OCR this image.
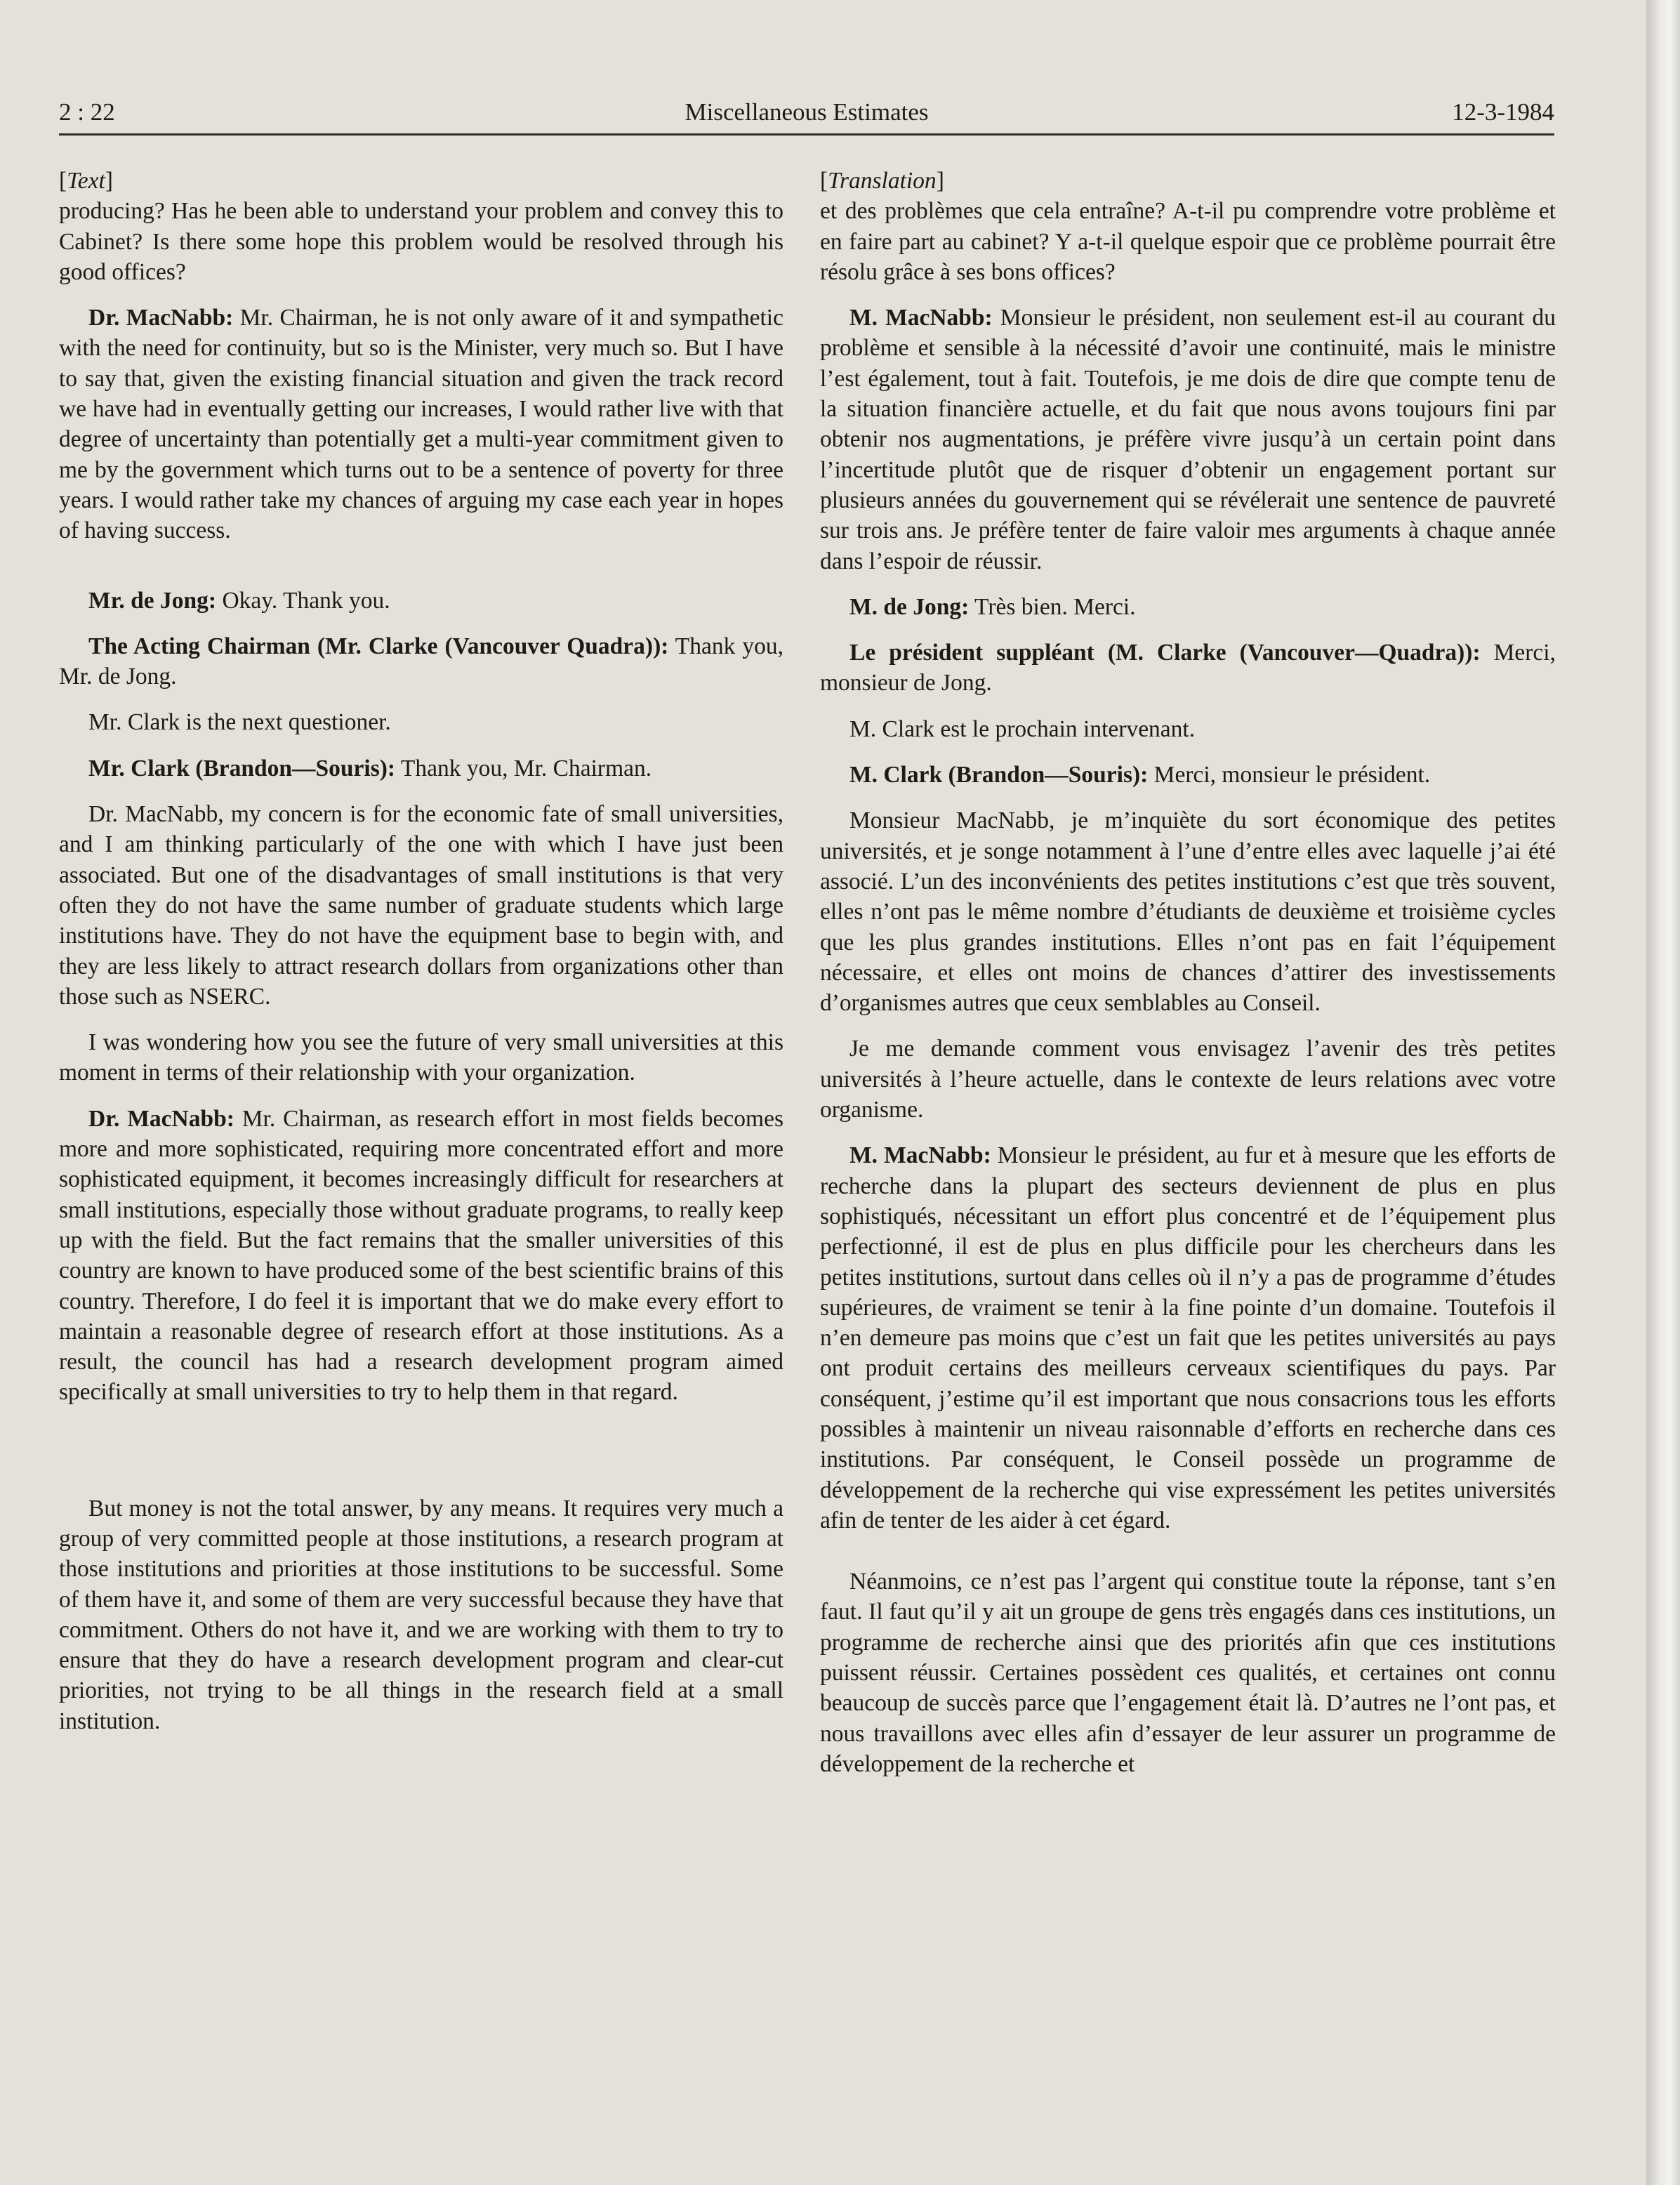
Miscellaneous Estimates
2 : 22	12-3-1984
[Text]

producing? Has he been able to understand your problem and convey this to Cabinet? Is there some hope this problem would be resolved through his good offices?

Dr. MacNabb: Mr. Chairman, he is not only aware of it and sympathetic with the need for continuity, but so is the Minister, very much so. But I have to say that, given the existing financial situation and given the track record we have had in eventually getting our increases, I would rather live with that degree of uncertainty than potentially get a multi-year commitment given to me by the government which turns out to be a sentence of poverty for three years. I would rather take my chances of arguing my case each year in hopes of having success.

Mr. de Jong: Okay. Thank you.

The Acting Chairman (Mr. Clarke (Vancouver Quadra)): Thank you, Mr. de Jong.

Mr. Clark is the next questioner.

Mr. Clark (Brandon—Souris): Thank you, Mr. Chairman.

Dr. MacNabb, my concern is for the economic fate of small universities, and I am thinking particularly of the one with which I have just been associated. But one of the disadvantages of small institutions is that very often they do not have the same number of graduate students which large institutions have. They do not have the equipment base to begin with, and they are less likely to attract research dollars from organizations other than those such as NSERC.

I was wondering how you see the future of very small universities at this moment in terms of their relationship with your organization.

Dr. MacNabb: Mr. Chairman, as research effort in most fields becomes more and more sophisticated, requiring more concentrated effort and more sophisticated equipment, it becomes increasingly difficult for researchers at small institutions, especially those without graduate programs, to really keep up with the field. But the fact remains that the smaller universities of this country are known to have produced some of the best scientific brains of this country. Therefore, I do feel it is important that we do make every effort to maintain a reasonable degree of research effort at those institutions. As a result, the council has had a research development program aimed specifically at small universities to try to help them in that regard.

But money is not the total answer, by any means. It requires very much a group of very committed people at those institutions, a research program at those institutions and priorities at those institutions to be successful. Some of them have it, and some of them are very successful because they have that commitment. Others do not have it, and we are working with them to try to ensure that they do have a research development program and clear-cut priorities, not trying to be all things in the research field at a small institution.

[Translation]

et des problèmes que cela entraîne? A-t-il pu comprendre votre problème et en faire part au cabinet? Y a-t-il quelque espoir que ce problème pourrait être résolu grâce à ses bons offices?

M. MacNabb: Monsieur le président, non seulement est-il au courant du problème et sensible à la nécessité d’avoir une continuité, mais le ministre l’est également, tout à fait. Toutefois, je me dois de dire que compte tenu de la situation financière actuelle, et du fait que nous avons toujours fini par obtenir nos augmentations, je préfère vivre jusqu’à un certain point dans l’incertitude plutôt que de risquer d’obtenir un engagement portant sur plusieurs années du gouvernement qui se révélerait une sentence de pauvreté sur trois ans. Je préfère tenter de faire valoir mes arguments à chaque année dans l’espoir de réussir.

M. de Jong: Très bien. Merci.

Le président suppléant (M. Clarke (Vancouver—Quadra)): Merci, monsieur de Jong.

M. Clark est le prochain intervenant.

M. Clark (Brandon—Souris): Merci, monsieur le président.

Monsieur MacNabb, je m’inquiète du sort économique des petites universités, et je songe notamment à l’une d’entre elles avec laquelle j’ai été associé. L’un des inconvénients des petites institutions c’est que très souvent, elles n’ont pas le même nombre d’étudiants de deuxième et troisième cycles que les plus grandes institutions. Elles n’ont pas en fait l’équipement nécessaire, et elles ont moins de chances d’attirer des investissements d’organismes autres que ceux semblables au Conseil.

Je me demande comment vous envisagez l’avenir des très petites universités à l’heure actuelle, dans le contexte de leurs relations avec votre organisme.

M. MacNabb: Monsieur le président, au fur et à mesure que les efforts de recherche dans la plupart des secteurs deviennent de plus en plus sophistiqués, nécessitant un effort plus concentré et de l’équipement plus perfectionné, il est de plus en plus difficile pour les chercheurs dans les petites institutions, surtout dans celles où il n’y a pas de programme d’études supérieures, de vraiment se tenir à la fine pointe d’un domaine. Toutefois il n’en demeure pas moins que c’est un fait que les petites universités au pays ont produit certains des meilleurs cerveaux scientifiques du pays. Par conséquent, j’estime qu’il est important que nous consacrions tous les efforts possibles à maintenir un niveau raisonnable d’efforts en recherche dans ces institutions. Par conséquent, le Conseil possède un programme de développement de la recherche qui vise expressément les petites universités afin de tenter de les aider à cet égard.

Néanmoins, ce n’est pas l’argent qui constitue toute la réponse, tant s’en faut. Il faut qu’il y ait un groupe de gens très engagés dans ces institutions, un programme de recherche ainsi que des priorités afin que ces institutions puissent réussir. Certaines possèdent ces qualités, et certaines ont connu beaucoup de succès parce que l’engagement était là. D’autres ne l’ont pas, et nous travaillons avec elles afin d’essayer de leur assurer un programme de développement de la recherche et
